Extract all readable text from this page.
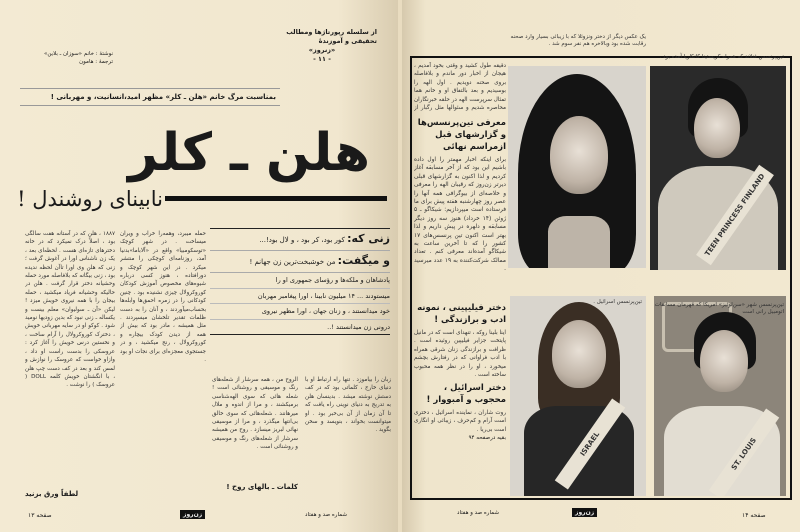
از سلسله رپورتاژها ومطالب
تحقیقی و آموزندهٔ
«زنروز»
- ۱۱ -
نوشتهٔ : خانم «سوزان ـ بلاین»
ترجمهٔ : هامون
بمناسبت مرگ خانم «هلن ـ کلر» مظهر امید،انسانیت، و مهربانی !
هلن ـ کلر
نابینای روشندل !
زنی که: کور بود، کر بود ، و لال بود!...
و میگفت: من خوشبخت‌ترین زن جهانم !
پادشاهان و ملکه‌ها و رؤسای جمهوری او را
میستودند ... ۱۴ میلیون نابینا ، اورا پیغامبر مهربان
خود میدانستند ، و زنان جهان ، اورا مظهر نیروی
درونی زن میدانستند !..
۱۸۸۷ ، هلن که در آستانه هفت سالگی بود ، اصلاً درک نمیکرد که در خانه دخترهای تازه‌ای هست . لحظه‌ای بعد ، یک زن ناشناس اورا در آغوش گرفت ؛ زنی که هلن وی اورا تاآن لحظه ندیده بود ، زنی بیگانه که بلافاصله مورد حمله وحشیانه دختر قرار گرفت . هلن در حالیکه وحشیانه فریاد میکشید ، حمله بیجان را با همه نیروی خویش میزد ! لیکن «آن ـ سولیوان» معلم بیست و یکساله ـ زنی نبود که بدین زودیها نومید شود . کوکو او در سایه مهربانی خویش ، دخترک کوروکرولال را آرام ساخت ، و نخستین درس خویش را آغاز کرد : عروسکی را بدست راست او داد ، وازاو خواست که عروسک را نوازش و لمس کند و بعد در کف دست چپ هلن ، با انگشتان خویش کلمه DOLL ( عروسک ) را نوشت .
حمله میبرد، وهمه‌را خراب و ویران میساخت . در شهر کوچک «توسکومبیا» واقع در «آلاباما»بدنیا آمد، روزنامه‌ای کوچکی را منتشر میکرد . در این شهر کوچک و دورافتاده ، هنوز کسی درباره شیوه‌های مخصوص آموزش کودکان کوروکرولال چیزی نشنیده بود . چنین کودکانی را در زمره احمق‌ها وابله‌ها بحساب‌میآوردند ، و آنان را به دست ظلمات تقدیر تلخشان میسپردند . مثل همیشه ، مادر بود که بیش از همه از دیدن کودک بیچاره و کوروکرولال ، رنج میکشید ، و در جستجوی معجزه‌ای برای نجات او بود .
الروح من ، همه سرشار از شعله‌های رنگ و موسیقی و روشنائی است ! شعله هائی که سوی الهه‌شناسی برمیکشند ، و مرا از اندوه و ملال میرهانند . شعله‌هائی که سوی خالق بی‌انتها میگذرد ، و مرا از موسیقی نهائی لبریز میسازد . روح من همیشه سرشار از شعله‌های رنگ و موسیقی و روشنائی است .
زبان را بیاموزد . تنها راه ارتباط او با دنیای خارج ، کلماتی بود که در کف دستش نوشته میشد . بدینسان هلن به تدریج به دنیای نوینی راه یافت که تا آن زمان از آن بی‌خبر بود . او میتوانست بخواند ، بنویسد و سخن بگوید .
کلمات ـ بالهای روح !
لطفاً ورق بزنید
صفحه ۱۳	زن‌روز	شماره صد و هفتاد
یک عکس دیگر از دختر ونزوئلا که با زیبائی بسیار وارد صحنه رقابت شده بود وبالاخره هم نفر سوم شد .
تین‌پرنسس فنلاند که همراه کریستینا کانکاریا آمده بود .
دقیقه طول کشید و وقتی بخود آمدیم ، هیجان از اخبار دور ماندم و بلافاصله بروی صحنه دویدیم . اول الهه را بوسیدیم و بعد بالتفاق او و خانم هما تمثال سرپرست الهه در حلقه خبرنگاران محاصره شدیم و سئوالها مثل رگبار از
معرفی تین‌پرنسس‌ها و گزارشهای قبل ازمراسم نهائی
برای اینکه اخبار مهمتر را اول داده باشیم این بود که از آخر مسابقه آغاز کردیم و لذا اکنون به گزارشهای قبلی دیرتر زن‌روز که رقیبان الهه را معرفی و خلاصه‌ای از بیوگرافی همه آنها را عصر روز چهارشنبه هفته پیش برای ما فرستاده است میپردازیم: شیکاگو ـ ۵ ژوئن (۱۴ خرداد) هنوز سه روز دیگر مسابقه و دلهره در پیش داریم و لذا بهتر است اکنون تین پرنسس‌های ۱۷ کشور را که تا آخرین ساعت به شیکاگو آمده‌اند معرفی کنم . تعداد ممالک شرکت‌کننده به ۱۹ عدد میرسید .
دختر فیلیپینی ، نمونه ادب و برازندگی !
اینا بلینا روکه ، تنهدای است که در مانیل پایتخت جزایر فیلیپین روئیده است . ظرافت و برازندگی زنان شرقی همراه با ادب فراوانی که در رفتارش بچشم میخورد ، او را در نظر همه محبوب ساخته است .
دختر اسرائیل ، محجوب و آمبووار !
روت شاران ، نماینده اسرائیل ، دختری است آرام و کم‌حرف ، زیبائی او انگاری است بی‌ریا .
بقیه درصفحه ۹۴
TEEN PRINCESS FINLAND
تین‌پرنسس اسرائیل .	تین‌پرنسس شهر «سن‌لوئیز» امریکا که قهرمان مسابقات اتومبیل رانی است
ISRAEL	ST. LOUIS
شماره صد و هفتاد	زن‌روز	صفحه ۱۴
